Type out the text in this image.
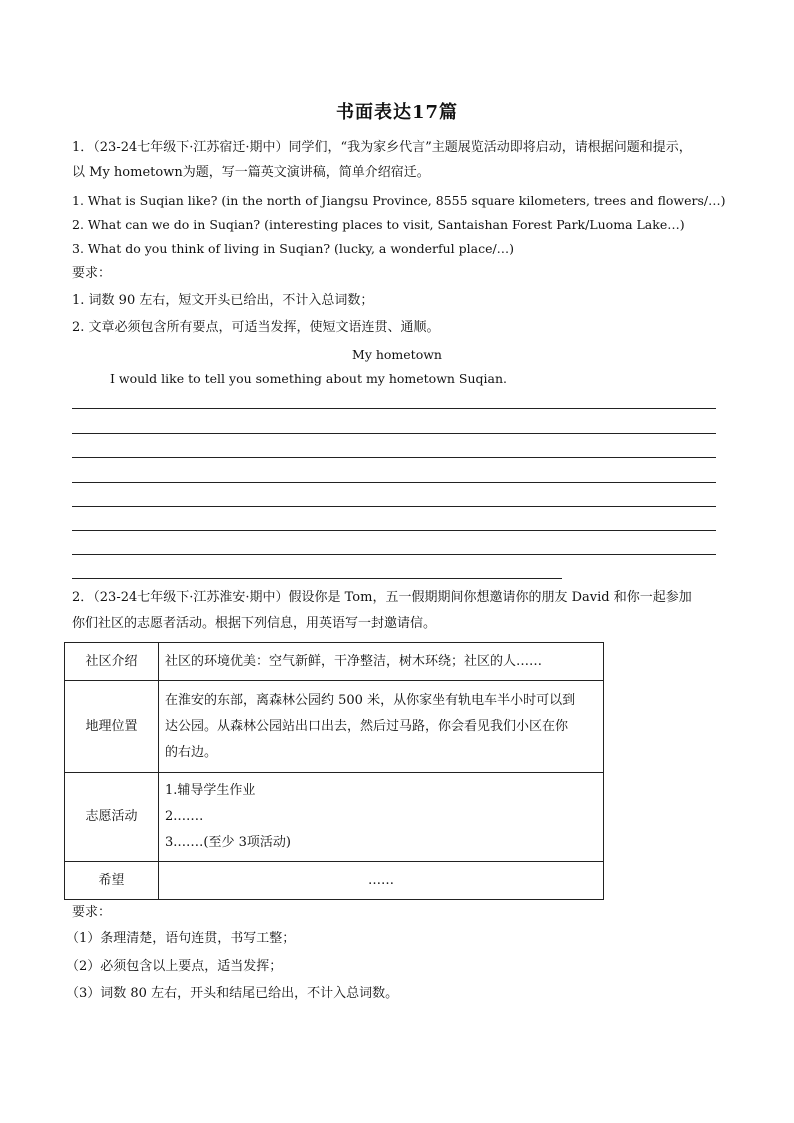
书面表达17篇
1．（23-24七年级下·江苏宿迁·期中）同学们，“我为家乡代言”主题展览活动即将启动，请根据问题和提示，
以 My hometown为题，写一篇英文演讲稿，简单介绍宿迁。
1. What is Suqian like? (in the north of Jiangsu Province, 8555 square kilometers, trees and flowers/…)
2. What can we do in Suqian? (interesting places to visit, Santaishan Forest Park/Luoma Lake…)
3. What do you think of living in Suqian? (lucky, a wonderful place/…)
要求：
1. 词数 90 左右，短文开头已给出，不计入总词数；
2. 文章必须包含所有要点，可适当发挥，使短文语连贯、通顺。
My hometown
I would like to tell you something about my hometown Suqian.
2．（23-24七年级下·江苏淮安·期中）假设你是 Tom，五一假期期间你想邀请你的朋友 David 和你一起参加
你们社区的志愿者活动。根据下列信息，用英语写一封邀请信。
社区介绍	社区的环境优美：空气新鲜，干净整洁，树木环绕；社区的人……

地理位置	在淮安的东部，离森林公园约 500 米，从你家坐有轨电车半小时可以到
达公园。从森林公园站出口出去，然后过马路，你会看见我们小区在你
的右边。

志愿活动	1.辅导学生作业
2.……
3.……(至少 3项活动)

希望	……
要求：
（1）条理清楚，语句连贯，书写工整；
（2）必须包含以上要点，适当发挥；
（3）词数 80 左右，开头和结尾已给出，不计入总词数。
